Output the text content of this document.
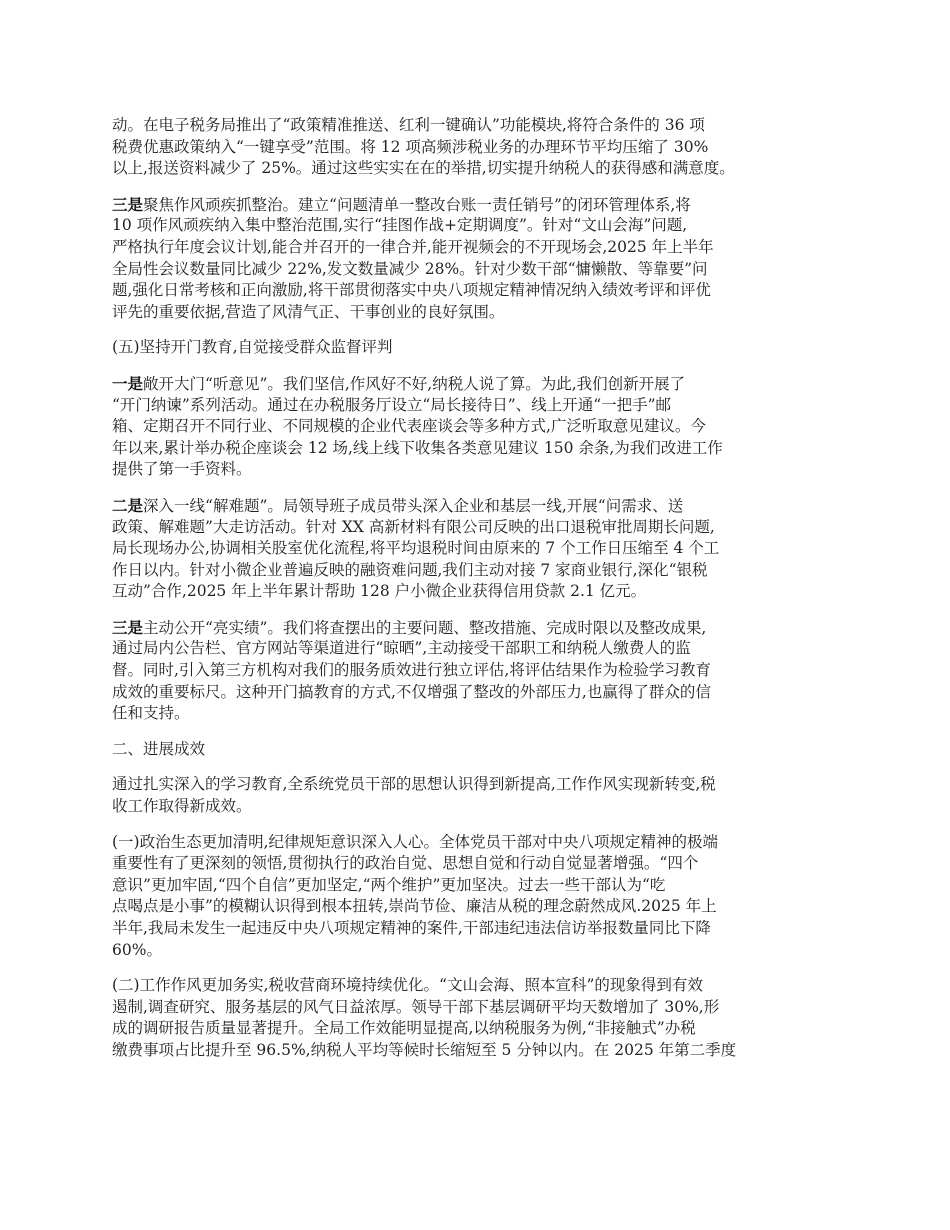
动。在电子税务局推出了“政策精准推送、红利一键确认”功能模块,将符合条件的 36 项
税费优惠政策纳入“一键享受”范围。将 12 项高频涉税业务的办理环节平均压缩了 30%
以上,报送资料减少了 25%。通过这些实实在在的举措,切实提升纳税人的获得感和满意度。
三是聚焦作风顽疾抓整治。建立“问题清单一整改台账一责任销号”的闭环管理体系,将
10 项作风顽疾纳入集中整治范围,实行“挂图作战+定期调度”。针对“文山会海”问题,
严格执行年度会议计划,能合并召开的一律合并,能开视频会的不开现场会,2025 年上半年
全局性会议数量同比减少 22%,发文数量减少 28%。针对少数干部“慵懒散、等靠要”问
题,强化日常考核和正向激励,将干部贯彻落实中央八项规定精神情况纳入绩效考评和评优
评先的重要依据,营造了风清气正、干事创业的良好氛围。
(五)坚持开门教育,自觉接受群众监督评判
一是敞开大门“听意见”。我们坚信,作风好不好,纳税人说了算。为此,我们创新开展了
“开门纳谏”系列活动。通过在办税服务厅设立“局长接待日”、线上开通“一把手”邮
箱、定期召开不同行业、不同规模的企业代表座谈会等多种方式,广泛听取意见建议。今
年以来,累计举办税企座谈会 12 场,线上线下收集各类意见建议 150 余条,为我们改进工作
提供了第一手资料。
二是深入一线“解难题”。局领导班子成员带头深入企业和基层一线,开展“问需求、送
政策、解难题”大走访活动。针对 XX 高新材料有限公司反映的出口退税审批周期长问题,
局长现场办公,协调相关股室优化流程,将平均退税时间由原来的 7 个工作日压缩至 4 个工
作日以内。针对小微企业普遍反映的融资难问题,我们主动对接 7 家商业银行,深化“银税
互动”合作,2025 年上半年累计帮助 128 户小微企业获得信用贷款 2.1 亿元。
三是主动公开“亮实绩”。我们将查摆出的主要问题、整改措施、完成时限以及整改成果,
通过局内公告栏、官方网站等渠道进行“晾晒”,主动接受干部职工和纳税人缴费人的监
督。同时,引入第三方机构对我们的服务质效进行独立评估,将评估结果作为检验学习教育
成效的重要标尺。这种开门搞教育的方式,不仅增强了整改的外部压力,也赢得了群众的信
任和支持。
二、进展成效
通过扎实深入的学习教育,全系统党员干部的思想认识得到新提高,工作作风实现新转变,税
收工作取得新成效。
(一)政治生态更加清明,纪律规矩意识深入人心。全体党员干部对中央八项规定精神的极端
重要性有了更深刻的领悟,贯彻执行的政治自觉、思想自觉和行动自觉显著增强。“四个
意识”更加牢固,“四个自信”更加坚定,“两个维护”更加坚决。过去一些干部认为“吃
点喝点是小事”的模糊认识得到根本扭转,崇尚节俭、廉洁从税的理念蔚然成风.2025 年上
半年,我局未发生一起违反中央八项规定精神的案件,干部违纪违法信访举报数量同比下降
60%。
(二)工作作风更加务实,税收营商环境持续优化。“文山会海、照本宣科”的现象得到有效
遏制,调查研究、服务基层的风气日益浓厚。领导干部下基层调研平均天数增加了 30%,形
成的调研报告质量显著提升。全局工作效能明显提高,以纳税服务为例,“非接触式”办税
缴费事项占比提升至 96.5%,纳税人平均等候时长缩短至 5 分钟以内。在 2025 年第二季度
